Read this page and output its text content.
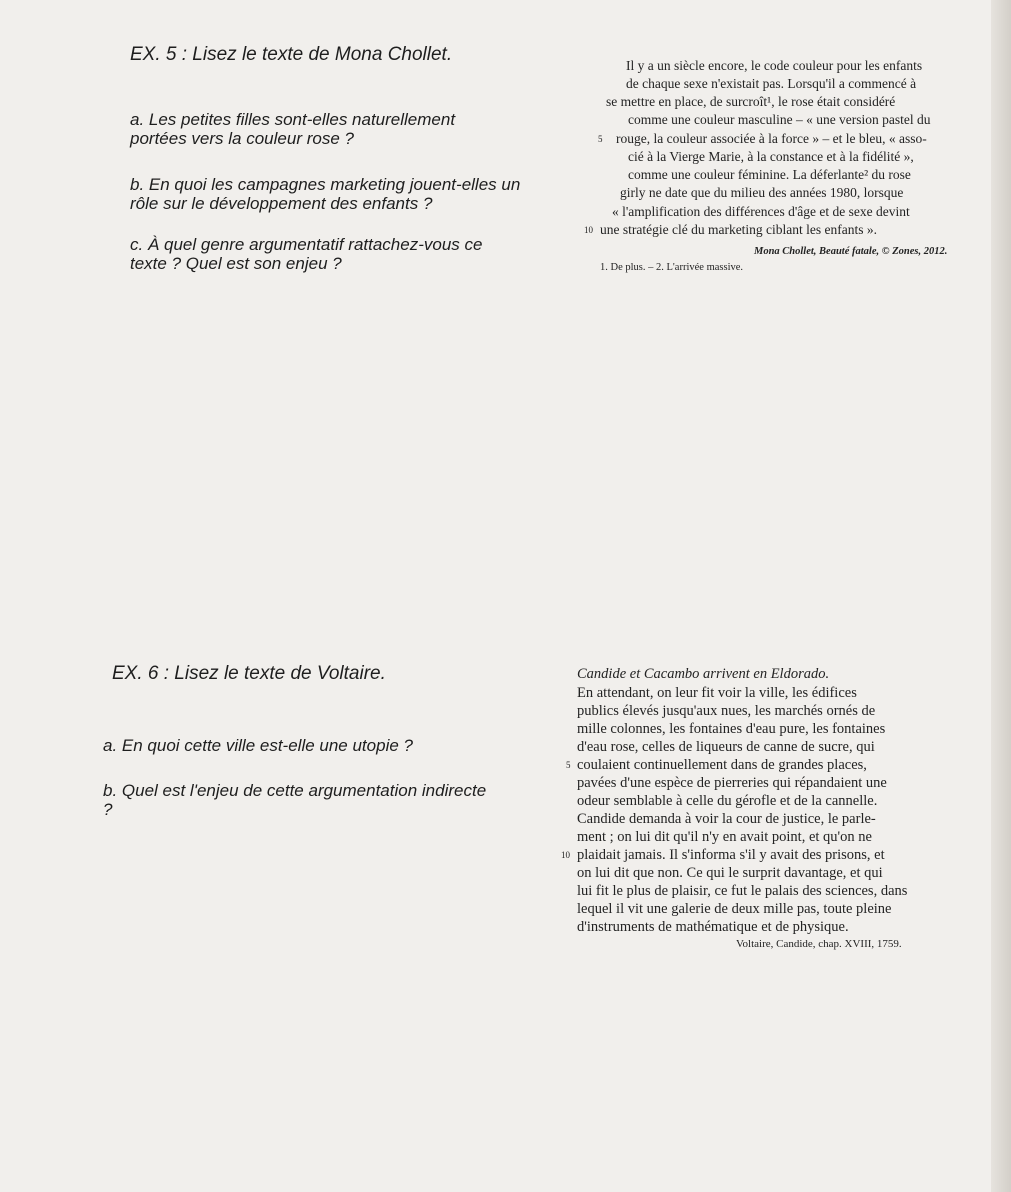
EX. 5 : Lisez le texte de Mona Chollet.

a. Les petites filles sont-elles naturellement portées vers la couleur rose ?

b. En quoi les campagnes marketing jouent-elles un rôle sur le développement des enfants ?

c. À quel genre argumentatif rattachez-vous ce texte ? Quel est son enjeu ?

Il y a un siècle encore, le code couleur pour les enfants
de chaque sexe n'existait pas. Lorsqu'il a commencé à
se mettre en place, de surcroît¹, le rose était considéré
comme une couleur masculine – « une version pastel du
5 rouge, la couleur associée à la force » – et le bleu, « asso-
cié à la Vierge Marie, à la constance et à la fidélité »,
comme une couleur féminine. La déferlante² du rose
girly ne date que du milieu des années 1980, lorsque
« l'amplification des différences d'âge et de sexe devint
10 une stratégie clé du marketing ciblant les enfants ».
Mona Chollet, Beauté fatale, © Zones, 2012.
1. De plus. – 2. L'arrivée massive.
EX. 6 : Lisez le texte de Voltaire.

a. En quoi cette ville est-elle une utopie ?

b. Quel est l'enjeu de cette argumentation indirecte ?

Candide et Cacambo arrivent en Eldorado.
En attendant, on leur fit voir la ville, les édifices
publics élevés jusqu'aux nues, les marchés ornés de
mille colonnes, les fontaines d'eau pure, les fontaines
d'eau rose, celles de liqueurs de canne de sucre, qui
5 coulaient continuellement dans de grandes places,
pavées d'une espèce de pierreries qui répandaient une
odeur semblable à celle du gérofle et de la cannelle.
Candide demanda à voir la cour de justice, le parle-
ment ; on lui dit qu'il n'y en avait point, et qu'on ne
10 plaidait jamais. Il s'informa s'il y avait des prisons, et
on lui dit que non. Ce qui le surprit davantage, et qui
lui fit le plus de plaisir, ce fut le palais des sciences, dans
lequel il vit une galerie de deux mille pas, toute pleine
d'instruments de mathématique et de physique.
Voltaire, Candide, chap. XVIII, 1759.
